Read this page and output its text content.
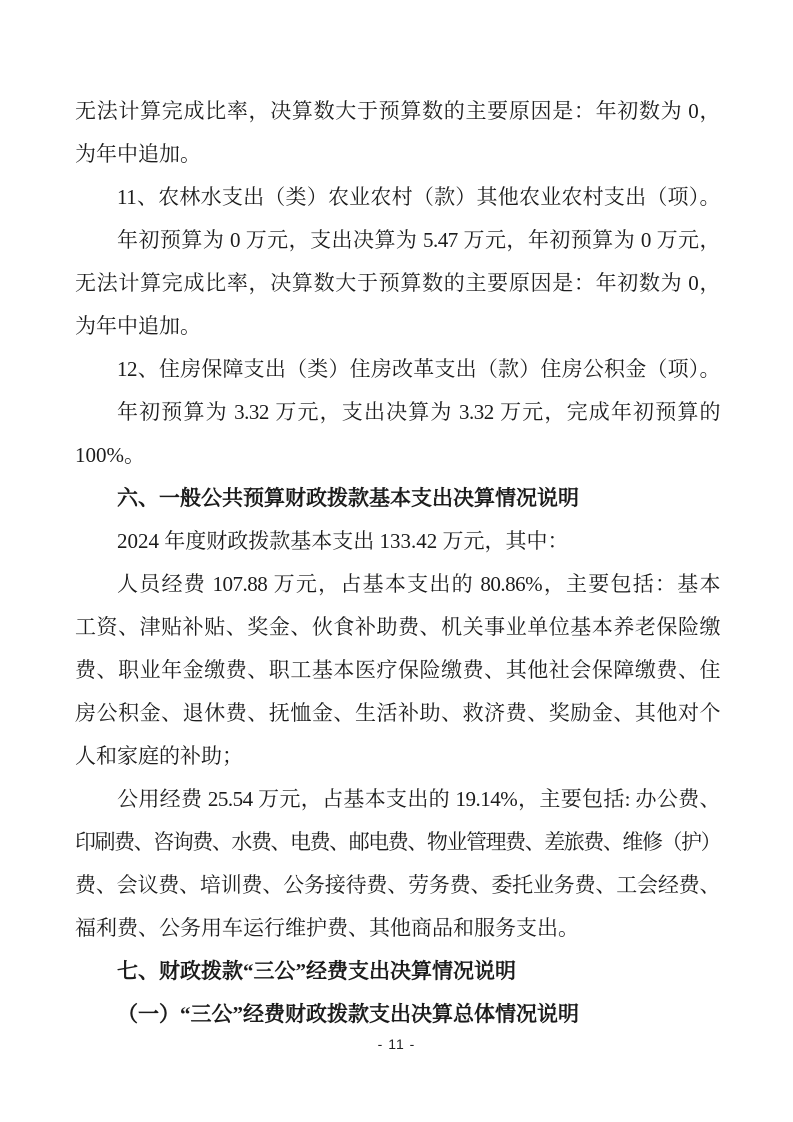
无法计算完成比率，决算数大于预算数的主要原因是：年初数为 0，
为年中追加。
11、农林水支出（类）农业农村（款）其他农业农村支出（项）。
年初预算为 0 万元，支出决算为 5.47 万元，年初预算为 0 万元，
无法计算完成比率，决算数大于预算数的主要原因是：年初数为 0，
为年中追加。
12、住房保障支出（类）住房改革支出（款）住房公积金（项）。
年初预算为 3.32 万元，支出决算为 3.32 万元，完成年初预算的
100%。
六、一般公共预算财政拨款基本支出决算情况说明
2024 年度财政拨款基本支出 133.42 万元，其中：
人员经费 107.88 万元，占基本支出的 80.86%，主要包括：基本
工资、津贴补贴、奖金、伙食补助费、机关事业单位基本养老保险缴
费、职业年金缴费、职工基本医疗保险缴费、其他社会保障缴费、住
房公积金、退休费、抚恤金、生活补助、救济费、奖励金、其他对个
人和家庭的补助；
公用经费 25.54 万元，占基本支出的 19.14%，主要包括: 办公费、
印刷费、咨询费、水费、电费、邮电费、物业管理费、差旅费、维修（护）
费、会议费、培训费、公务接待费、劳务费、委托业务费、工会经费、
福利费、公务用车运行维护费、其他商品和服务支出。
七、财政拨款“三公”经费支出决算情况说明
（一）“三公”经费财政拨款支出决算总体情况说明
- 11 -
